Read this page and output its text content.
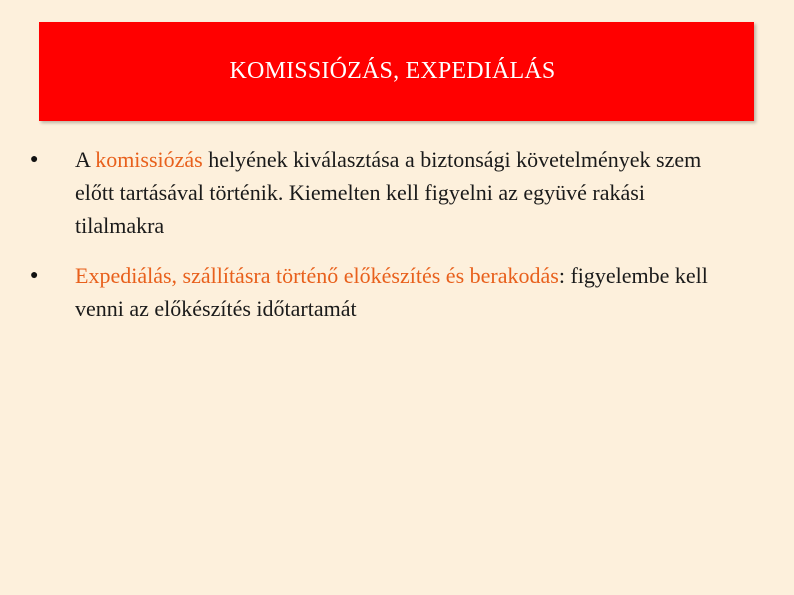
KOMISSIÓZÁS, EXPEDIÁLÁS
● A komissiózás helyének kiválasztása a biztonsági követelmények szem előtt tartásával történik. Kiemelten kell figyelni az együvé rakási tilalmakra
● Expediálás, szállításra történő előkészítés és berakodás: figyelembe kell venni az előkészítés időtartamát
